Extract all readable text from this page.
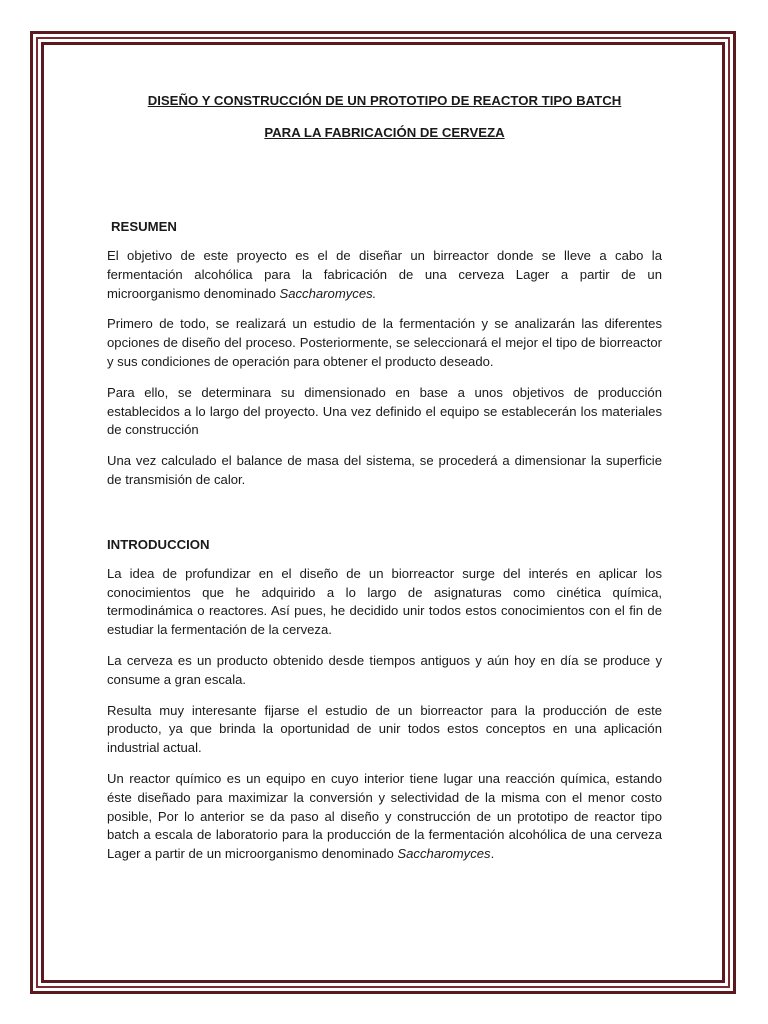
DISEÑO Y CONSTRUCCIÓN DE UN PROTOTIPO DE REACTOR TIPO BATCH

PARA LA FABRICACIÓN DE CERVEZA

RESUMEN

El objetivo de este proyecto es el de diseñar un birreactor donde se lleve a cabo la fermentación alcohólica para la fabricación de una cerveza Lager a partir de un microorganismo denominado Saccharomyces.

Primero de todo, se realizará un estudio de la fermentación y se analizarán las diferentes opciones de diseño del proceso. Posteriormente, se seleccionará el mejor el tipo de biorreactor y sus condiciones de operación para obtener el producto deseado.

Para ello, se determinara su dimensionado en base a unos objetivos de producción establecidos a lo largo del proyecto. Una vez definido el equipo se establecerán los materiales de construcción

Una vez calculado el balance de masa del sistema, se procederá a dimensionar la superficie de transmisión de calor.

INTRODUCCION

La idea de profundizar en el diseño de un biorreactor surge del interés en aplicar los conocimientos que he adquirido a lo largo de asignaturas como cinética química, termodinámica o reactores. Así pues, he decidido unir todos estos conocimientos con el fin de estudiar la fermentación de la cerveza.

La cerveza es un producto obtenido desde tiempos antiguos y aún hoy en día se produce y consume a gran escala.

Resulta muy interesante fijarse el estudio de un biorreactor para la producción de este producto, ya que brinda la oportunidad de unir todos estos conceptos en una aplicación industrial actual.

Un reactor químico es un equipo en cuyo interior tiene lugar una reacción química, estando éste diseñado para maximizar la conversión y selectividad de la misma con el menor costo posible, Por lo anterior se da paso al diseño y construcción de un prototipo de reactor tipo batch a escala de laboratorio para la producción de la fermentación alcohólica de una cerveza Lager a partir de un microorganismo denominado Saccharomyces.
